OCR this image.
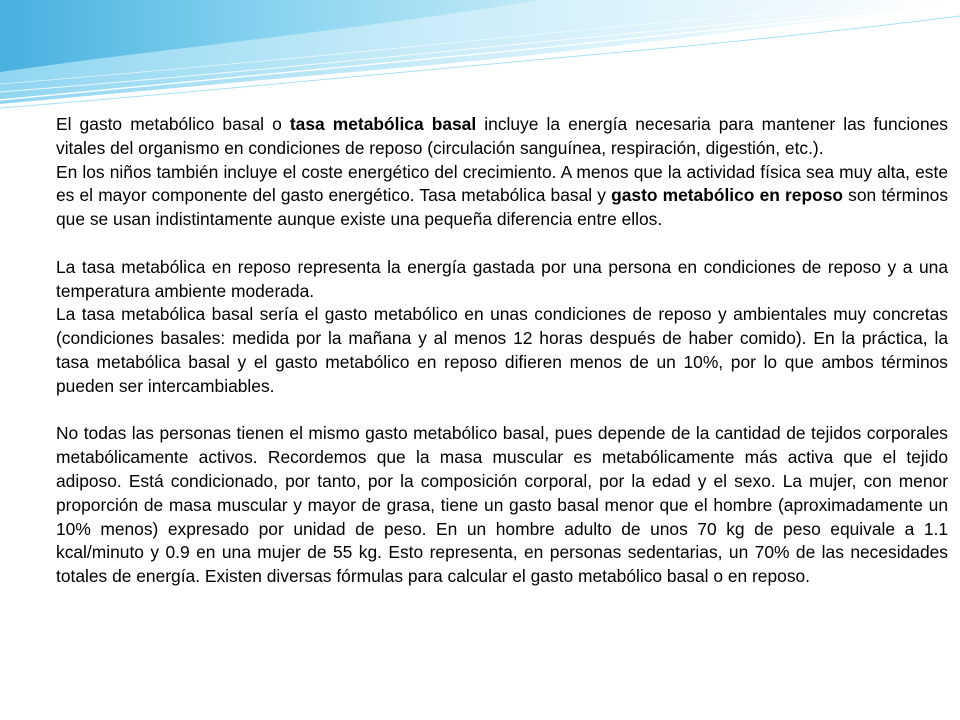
El gasto metabólico basal o tasa metabólica basal incluye la energía necesaria para mantener las funciones vitales del organismo en condiciones de reposo (circulación sanguínea, respiración, digestión, etc.).

En los niños también incluye el coste energético del crecimiento. A menos que la actividad física sea muy alta, este es el mayor componente del gasto energético. Tasa metabólica basal y gasto metabólico en reposo son términos que se usan indistintamente aunque existe una pequeña diferencia entre ellos.

La tasa metabólica en reposo representa la energía gastada por una persona en condiciones de reposo y a una temperatura ambiente moderada.

La tasa metabólica basal sería el gasto metabólico en unas condiciones de reposo y ambientales muy concretas (condiciones basales: medida por la mañana y al menos 12 horas después de haber comido). En la práctica, la tasa metabólica basal y el gasto metabólico en reposo difieren menos de un 10%, por lo que ambos términos pueden ser intercambiables.

No todas las personas tienen el mismo gasto metabólico basal, pues depende de la cantidad de tejidos corporales metabólicamente activos. Recordemos que la masa muscular es metabólicamente más activa que el tejido adiposo. Está condicionado, por tanto, por la composición corporal, por la edad y el sexo. La mujer, con menor proporción de masa muscular y mayor de grasa, tiene un gasto basal menor que el hombre (aproximadamente un 10% menos) expresado por unidad de peso. En un hombre adulto de unos 70 kg de peso equivale a 1.1 kcal/minuto y 0.9 en una mujer de 55 kg. Esto representa, en personas sedentarias, un 70% de las necesidades totales de energía. Existen diversas fórmulas para calcular el gasto metabólico basal o en reposo.
